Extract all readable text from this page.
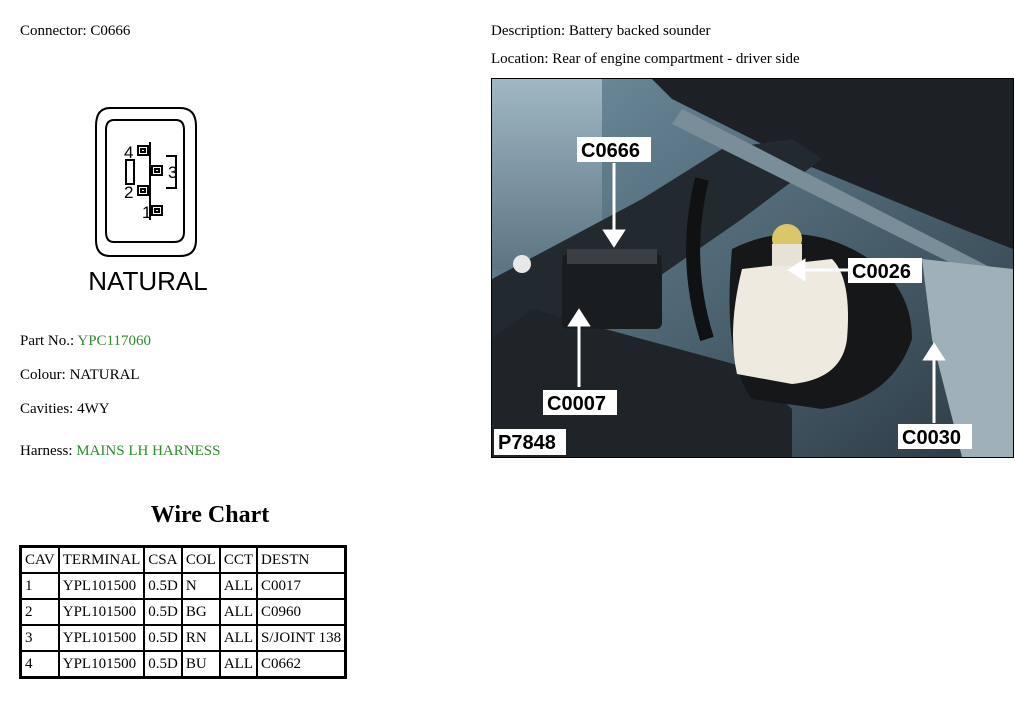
Connector: C0666	Description: Battery backed sounder
Location: Rear of engine compartment - driver side
4
3
2
1
NATURAL
Part No.: YPC117060
Colour: NATURAL
Cavities: 4WY
Harness: MAINS LH HARNESS
Wire Chart
CAV	TERMINAL	CSA	COL	CCT	DESTN
1	YPL101500	0.5D	N	ALL	C0017
2	YPL101500	0.5D	BG	ALL	C0960
3	YPL101500	0.5D	RN	ALL	S/JOINT 138
4	YPL101500	0.5D	BU	ALL	C0662
C0666
C0026
C0007
C0030
P7848
